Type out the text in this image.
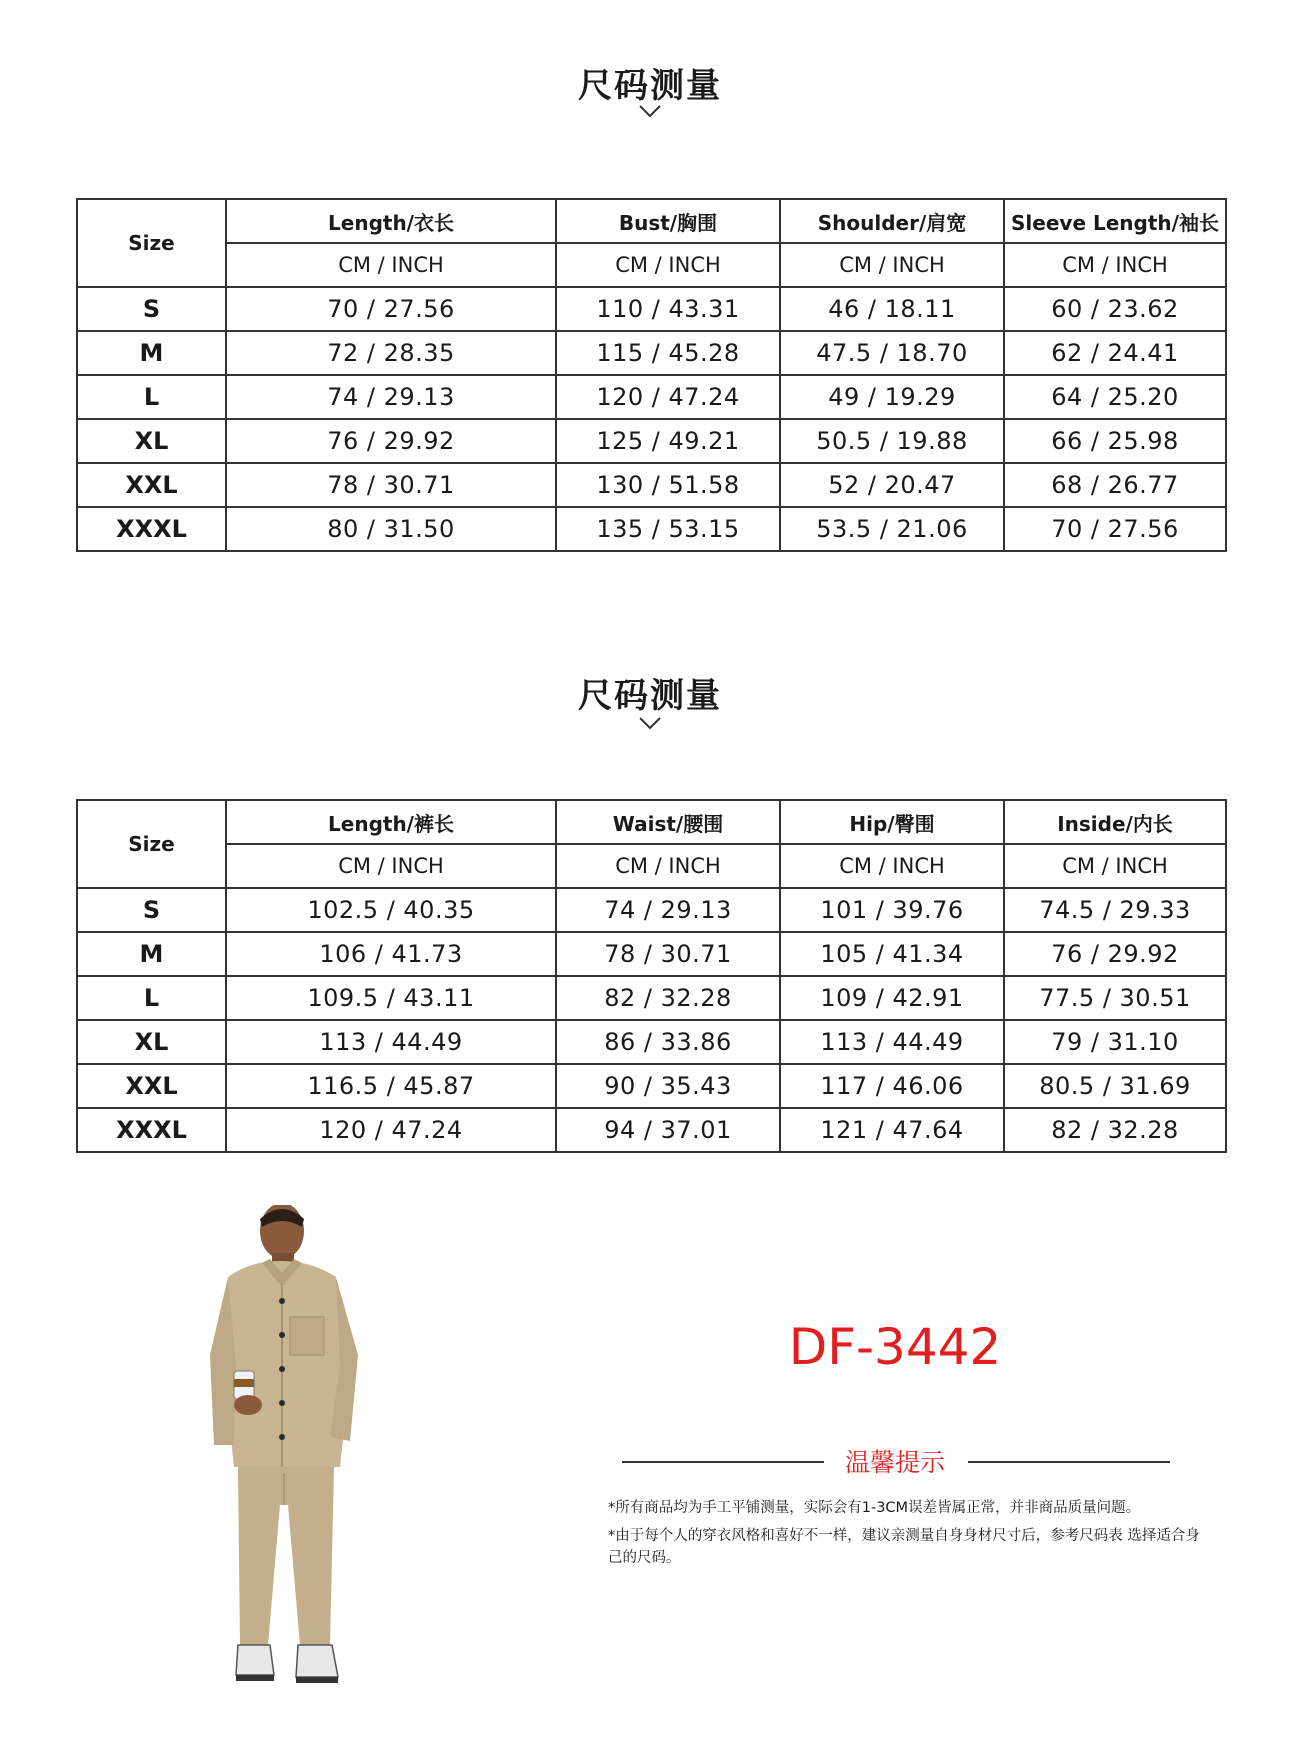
尺码测量
Size	Length/衣长	Bust/胸围	Shoulder/肩宽	Sleeve Length/袖长
	CM / INCH	CM / INCH	CM / INCH	CM / INCH
S	70 / 27.56	110 / 43.31	46 / 18.11	60 / 23.62
M	72 / 28.35	115 / 45.28	47.5 / 18.70	62 / 24.41
L	74 / 29.13	120 / 47.24	49 / 19.29	64 / 25.20
XL	76 / 29.92	125 / 49.21	50.5 / 19.88	66 / 25.98
XXL	78 / 30.71	130 / 51.58	52 / 20.47	68 / 26.77
XXXL	80 / 31.50	135 / 53.15	53.5 / 21.06	70 / 27.56
尺码测量
Size	Length/裤长	Waist/腰围	Hip/臀围	Inside/内长
	CM / INCH	CM / INCH	CM / INCH	CM / INCH
S	102.5 / 40.35	74 / 29.13	101 / 39.76	74.5 / 29.33
M	106 / 41.73	78 / 30.71	105 / 41.34	76 / 29.92
L	109.5 / 43.11	82 / 32.28	109 / 42.91	77.5 / 30.51
XL	113 / 44.49	86 / 33.86	113 / 44.49	79 / 31.10
XXL	116.5 / 45.87	90 / 35.43	117 / 46.06	80.5 / 31.69
XXXL	120 / 47.24	94 / 37.01	121 / 47.64	82 / 32.28
DF-3442
温馨提示
*所有商品均为手工平铺测量，实际会有1-3CM误差皆属正常，并非商品质量问题。
*由于每个人的穿衣风格和喜好不一样，建议亲测量自身身材尺寸后，参考尺码表 选择适合身己的尺码。
